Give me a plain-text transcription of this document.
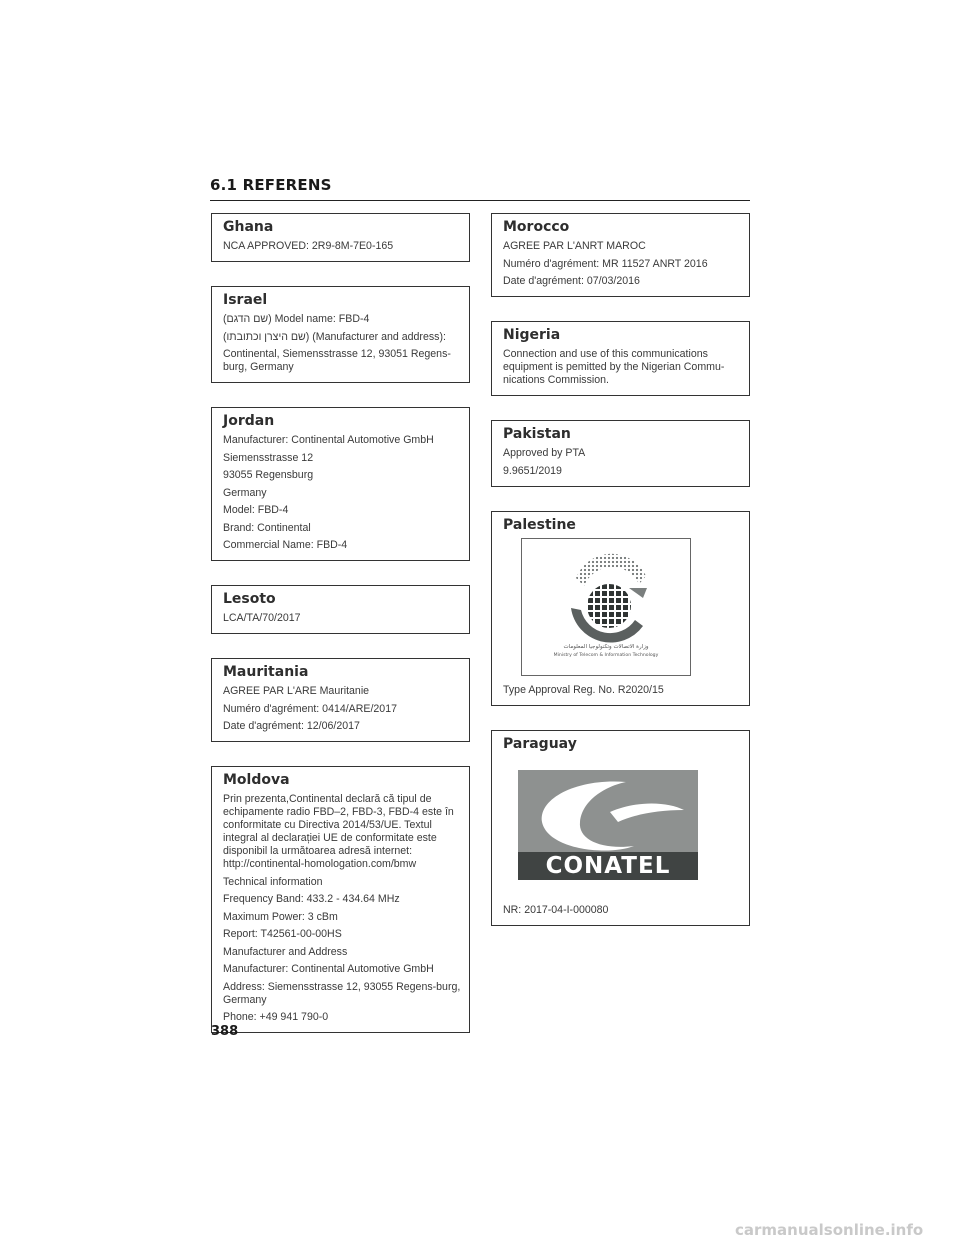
6.1 REFERENS
Ghana
NCA APPROVED: 2R9-8M-7E0-165
Israel
(שם הדגם) Model name: FBD-4
(שם היצרן וכתובתו) (Manufacturer and address):
Continental, Siemensstrasse 12, 93051 Regens-burg, Germany
Jordan
Manufacturer: Continental Automotive GmbH
Siemensstrasse 12
93055 Regensburg
Germany
Model: FBD-4
Brand: Continental
Commercial Name: FBD-4
Lesoto
LCA/TA/70/2017
Mauritania
AGREE PAR L'ARE Mauritanie
Numéro d'agrément: 0414/ARE/2017
Date d'agrément: 12/06/2017
Moldova
Prin prezenta,Continental declară că tipul de echipamente radio FBD–2, FBD-3, FBD-4 este în conformitate cu Directiva 2014/53/UE. Textul integral al declarației UE de conformitate este disponibil la următoarea adresă internet: http://continental-homologation.com/bmw
Technical information
Frequency Band: 433.2 - 434.64 MHz
Maximum Power: 3 cBm
Report: T42561-00-00HS
Manufacturer and Address
Manufacturer: Continental Automotive GmbH
Address: Siemensstrasse 12, 93055 Regens-burg, Germany
Phone: +49 941 790-0
Morocco
AGREE PAR L'ANRT MAROC
Numéro d'agrément: MR 11527 ANRT 2016
Date d'agrément: 07/03/2016
Nigeria
Connection and use of this communications equipment is pemitted by the Nigerian Commu-nications Commission.
Pakistan
Approved by PTA
9.9651/2019
Palestine
وزارة الاتصالات وتكنولوجيا المعلومات
Ministry of Telecom & Information Technology
Type Approval Reg. No. R2020/15
Paraguay
CONATEL
NR: 2017-04-I-000080
388
carmanualsonline.info
